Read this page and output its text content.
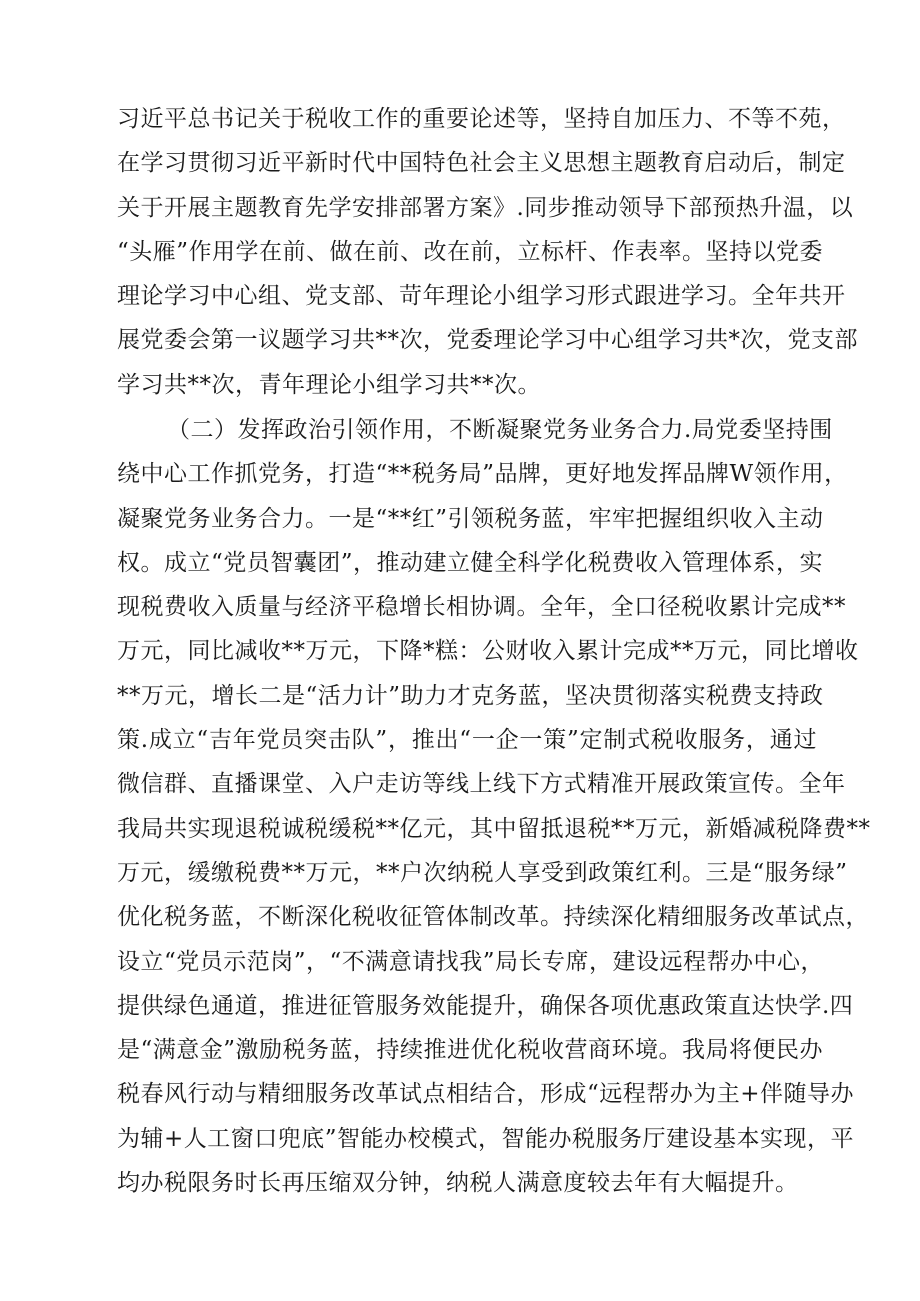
习近平总书记关于税收工作的重要论述等，坚持自加压力、不等不苑，
在学习贯彻习近平新时代中国特色社会主义思想主题教育启动后，制定
关于开展主题教育先学安排部署方案》.同步推动领导下部预热升温，以
“头雁”作用学在前、做在前、改在前，立标杆、作表率。坚持以党委
理论学习中心组、党支部、苛年理论小组学习形式跟进学习。全年共开
展党委会第一议题学习共**次，党委理论学习中心组学习共*次，党支部
学习共**次，青年理论小组学习共**次。
（二）发挥政治引领作用，不断凝聚党务业务合力.局党委坚持围
绕中心工作抓党务，打造“**税务局”品牌，更好地发挥品牌W领作用，
凝聚党务业务合力。一是“**红”引领税务蓝，牢牢把握组织收入主动
权。成立“党员智囊团”，推动建立健全科学化税费收入管理体系，实
现税费收入质量与经济平稳增长相协调。全年，全口径税收累计完成**
万元，同比减收**万元，下降*糕：公财收入累计完成**万元，同比增收
**万元，增长二是“活力计”助力才克务蓝，坚决贯彻落实税费支持政
策.成立“吉年党员突击队”，推出“一企一策”定制式税收服务，通过
微信群、直播课堂、入户走访等线上线下方式精准开展政策宣传。全年
我局共实现退税诚税缓税**亿元，其中留抵退税**万元，新婚减税降费**
万元，缓缴税费**万元，**户次纳税人享受到政策红利。三是“服务绿”
优化税务蓝，不断深化税收征管体制改革。持续深化精细服务改革试点，
设立“党员示范岗”，“不满意请找我”局长专席，建设远程帮办中心，
提供绿色通道，推进征管服务效能提升，确保各项优惠政策直达快学.四
是“满意金”激励税务蓝，持续推进优化税收营商环境。我局将便民办
税春风行动与精细服务改革试点相结合，形成“远程帮办为主+伴随导办
为辅+人工窗口兜底”智能办校模式，智能办税服务厅建设基本实现，平
均办税限务时长再压缩双分钟，纳税人满意度较去年有大幅提升。
